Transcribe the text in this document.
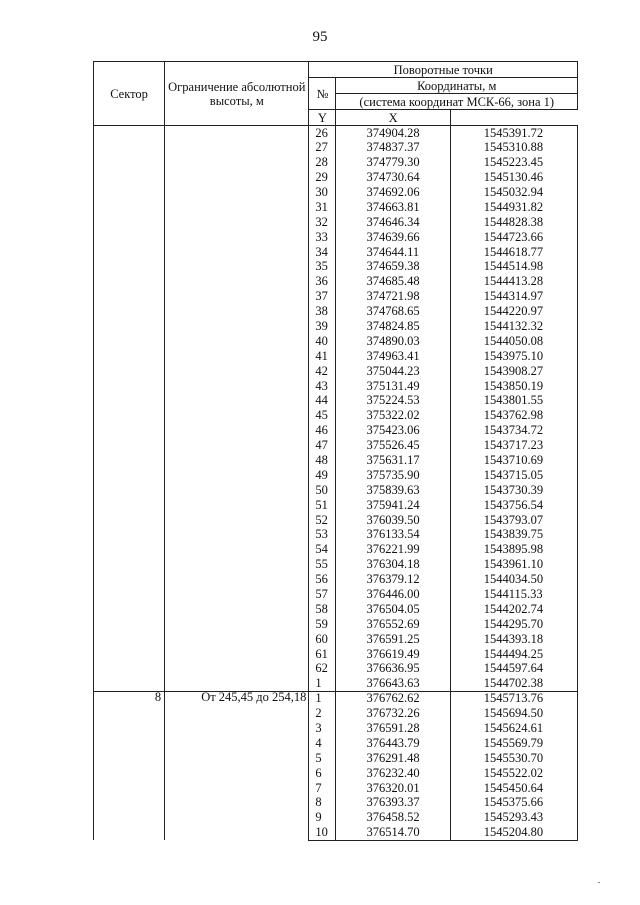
95
Сектор	Ограничение абсолютной высоты, м	Поворотные точки		
		№	Координаты, м	
			(система координат МСК-66, зона 1)	
		Y	X	
		26	374904.28	1545391.72
		27	374837.37	1545310.88
		28	374779.30	1545223.45
		29	374730.64	1545130.46
		30	374692.06	1545032.94
		31	374663.81	1544931.82
		32	374646.34	1544828.38
		33	374639.66	1544723.66
		34	374644.11	1544618.77
		35	374659.38	1544514.98
		36	374685.48	1544413.28
		37	374721.98	1544314.97
		38	374768.65	1544220.97
		39	374824.85	1544132.32
		40	374890.03	1544050.08
		41	374963.41	1543975.10
		42	375044.23	1543908.27
		43	375131.49	1543850.19
		44	375224.53	1543801.55
		45	375322.02	1543762.98
		46	375423.06	1543734.72
		47	375526.45	1543717.23
		48	375631.17	1543710.69
		49	375735.90	1543715.05
		50	375839.63	1543730.39
		51	375941.24	1543756.54
		52	376039.50	1543793.07
		53	376133.54	1543839.75
		54	376221.99	1543895.98
		55	376304.18	1543961.10
		56	376379.12	1544034.50
		57	376446.00	1544115.33
		58	376504.05	1544202.74
		59	376552.69	1544295.70
		60	376591.25	1544393.18
		61	376619.49	1544494.25
		62	376636.95	1544597.64
		1	376643.63	1544702.38
8	От 245,45 до 254,18	1	376762.62	1545713.76
		2	376732.26	1545694.50
		3	376591.28	1545624.61
		4	376443.79	1545569.79
		5	376291.48	1545530.70
		6	376232.40	1545522.02
		7	376320.01	1545450.64
		8	376393.37	1545375.66
		9	376458.52	1545293.43
		10	376514.70	1545204.80
